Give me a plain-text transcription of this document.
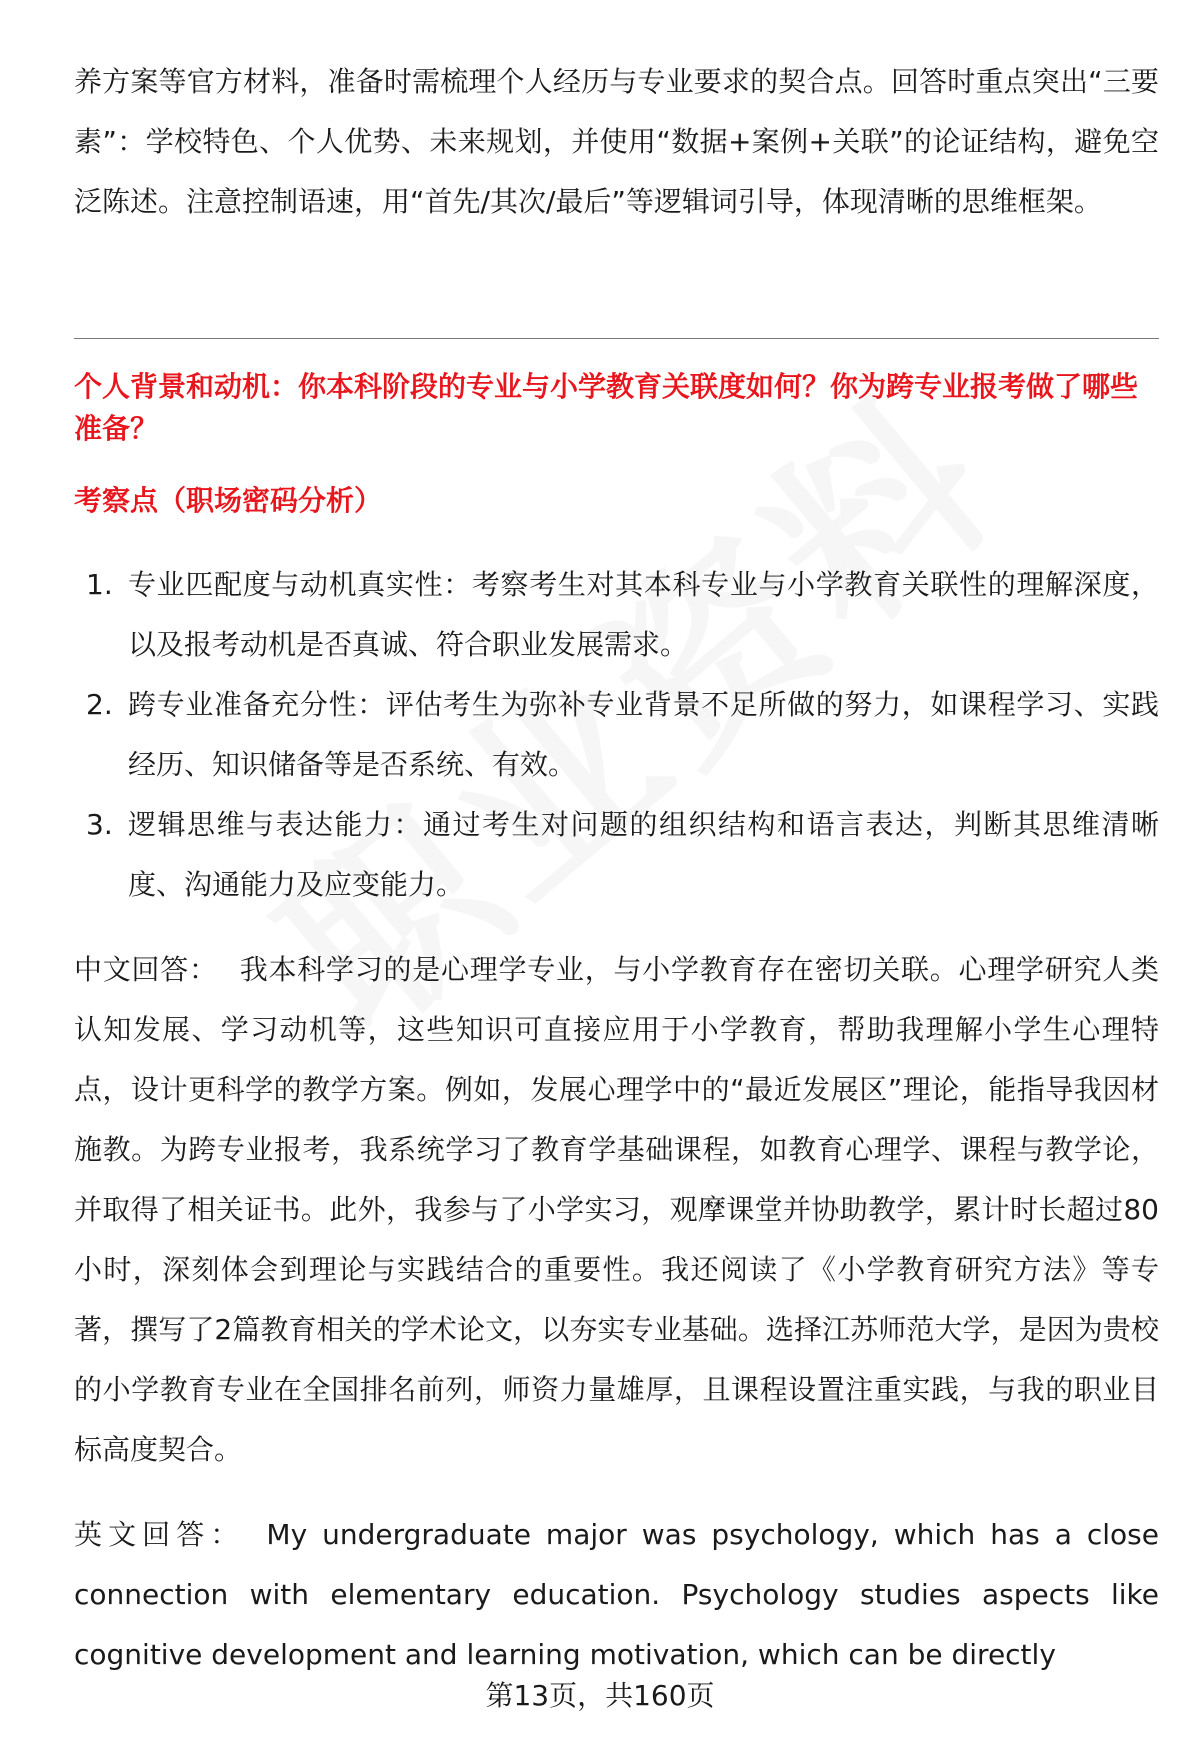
养方案等官方材料，准备时需梳理个人经历与专业要求的契合点。回答时重点突出“三要素”：学校特色、个人优势、未来规划，并使用“数据+案例+关联”的论证结构，避免空泛陈述。注意控制语速，用“首先/其次/最后”等逻辑词引导，体现清晰的思维框架。

个人背景和动机：你本科阶段的专业与小学教育关联度如何？你为跨专业报考做了哪些准备？
考察点（职场密码分析）
1. 专业匹配度与动机真实性：考察考生对其本科专业与小学教育关联性的理解深度，以及报考动机是否真诚、符合职业发展需求。
2. 跨专业准备充分性：评估考生为弥补专业背景不足所做的努力，如课程学习、实践经历、知识储备等是否系统、有效。
3. 逻辑思维与表达能力：通过考生对问题的组织结构和语言表达，判断其思维清晰度、沟通能力及应变能力。

中文回答： 我本科学习的是心理学专业，与小学教育存在密切关联。心理学研究人类认知发展、学习动机等，这些知识可直接应用于小学教育，帮助我理解小学生心理特点，设计更科学的教学方案。例如，发展心理学中的“最近发展区”理论，能指导我因材施教。为跨专业报考，我系统学习了教育学基础课程，如教育心理学、课程与教学论，并取得了相关证书。此外，我参与了小学实习，观摩课堂并协助教学，累计时长超过80小时，深刻体会到理论与实践结合的重要性。我还阅读了《小学教育研究方法》等专著，撰写了2篇教育相关的学术论文，以夯实专业基础。选择江苏师范大学，是因为贵校的小学教育专业在全国排名前列，师资力量雄厚，且课程设置注重实践，与我的职业目标高度契合。

英文回答： My undergraduate major was psychology, which has a close connection with elementary education. Psychology studies aspects like cognitive development and learning motivation, which can be directly

第13页，共160页
